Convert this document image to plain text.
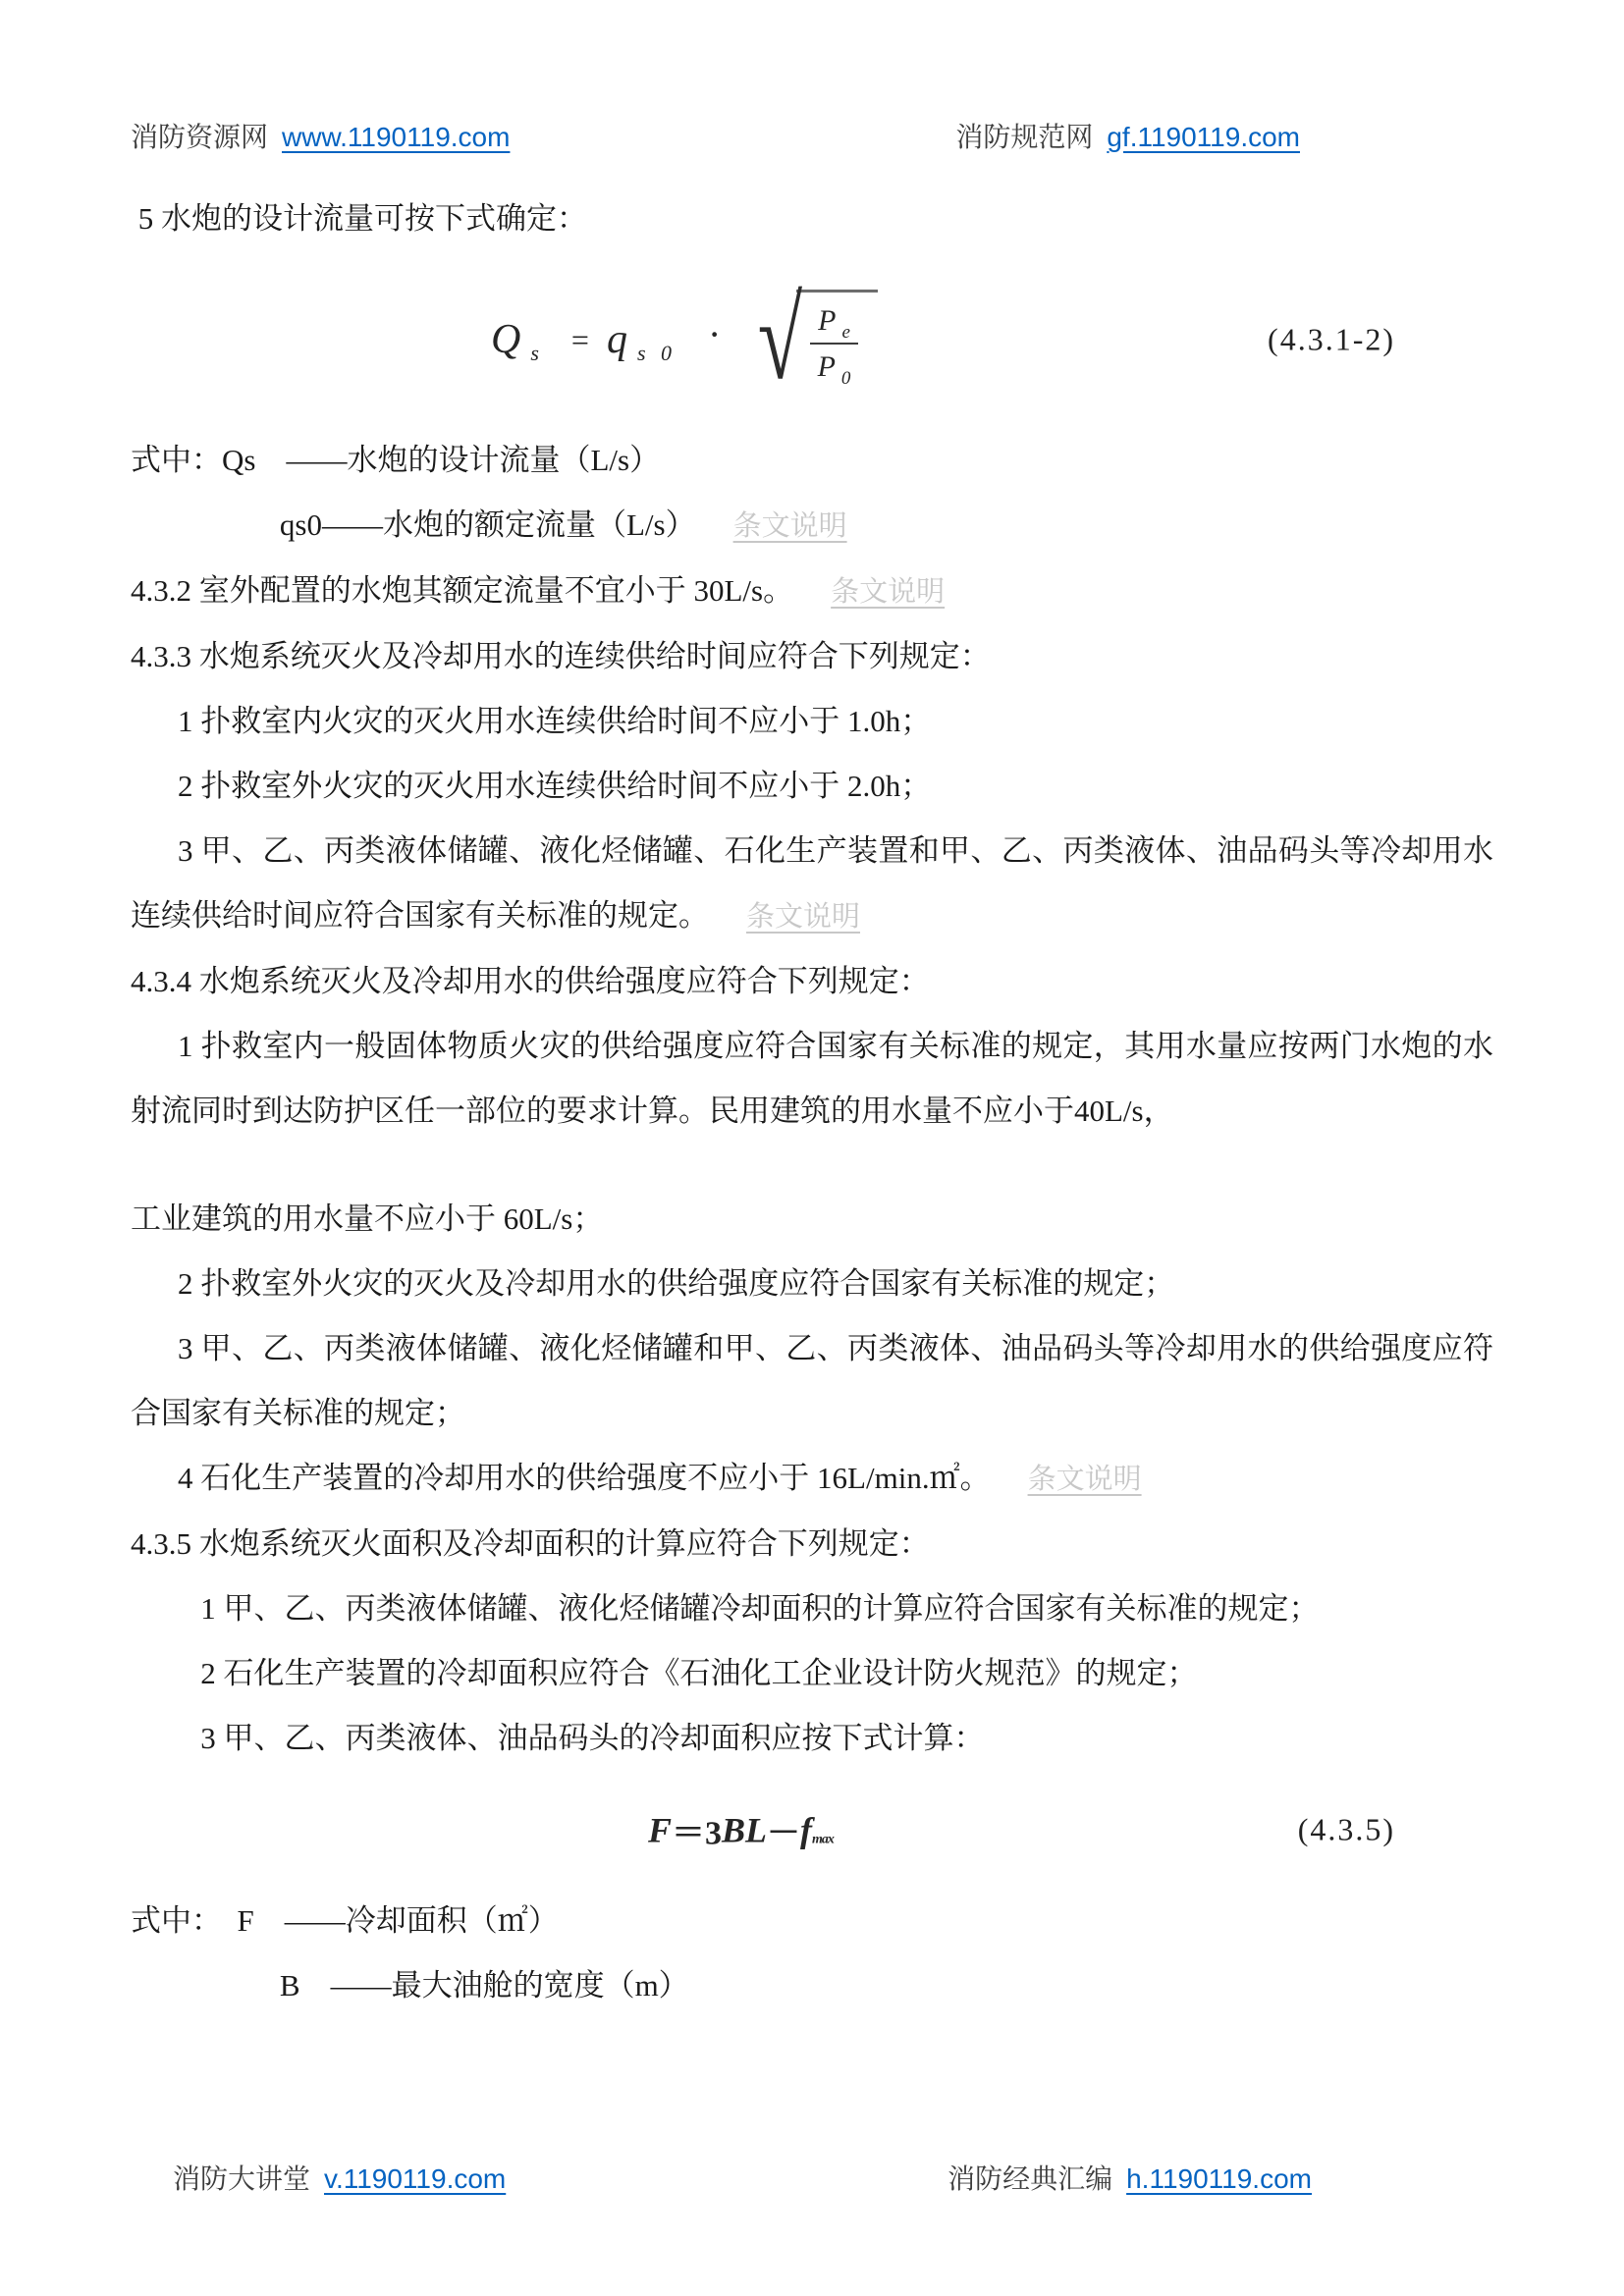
消防资源网 www.1190119.com	消防规范网 gf.1190119.com

5 水炮的设计流量可按下式确定：

Q s = q s 0 · √ P e
P 0
(4.3.1-2)

式中：Qs　——水炮的设计流量（L/s）

qs0——水炮的额定流量（L/s） 条文说明

4.3.2 室外配置的水炮其额定流量不宜小于 30L/s。 条文说明

4.3.3 水炮系统灭火及冷却用水的连续供给时间应符合下列规定：

1 扑救室内火灾的灭火用水连续供给时间不应小于 1.0h；

2 扑救室外火灾的灭火用水连续供给时间不应小于 2.0h；

3 甲、乙、丙类液体储罐、液化烃储罐、石化生产装置和甲、乙、丙类液体、油品码头等冷却用水连续供给时间应符合国家有关标准的规定。 条文说明

4.3.4 水炮系统灭火及冷却用水的供给强度应符合下列规定：

1 扑救室内一般固体物质火灾的供给强度应符合国家有关标准的规定，其用水量应按两门水炮的水射流同时到达防护区任一部位的要求计算。民用建筑的用水量不应小于40L/s，

工业建筑的用水量不应小于 60L/s；

2 扑救室外火灾的灭火及冷却用水的供给强度应符合国家有关标准的规定；

3 甲、乙、丙类液体储罐、液化烃储罐和甲、乙、丙类液体、油品码头等冷却用水的供给强度应符合国家有关标准的规定；

4 石化生产装置的冷却用水的供给强度不应小于 16L/min.㎡。 条文说明

4.3.5 水炮系统灭火面积及冷却面积的计算应符合下列规定：

1 甲、乙、丙类液体储罐、液化烃储罐冷却面积的计算应符合国家有关标准的规定；

2 石化生产装置的冷却面积应符合《石油化工企业设计防火规范》的规定；

3 甲、乙、丙类液体、油品码头的冷却面积应按下式计算：

F ＝3 BL － f max	(4.3.5)

式中：　F　——冷却面积（㎡）

B　——最大油舱的宽度（m）

消防大讲堂 v.1190119.com	消防经典汇编 h.1190119.com
